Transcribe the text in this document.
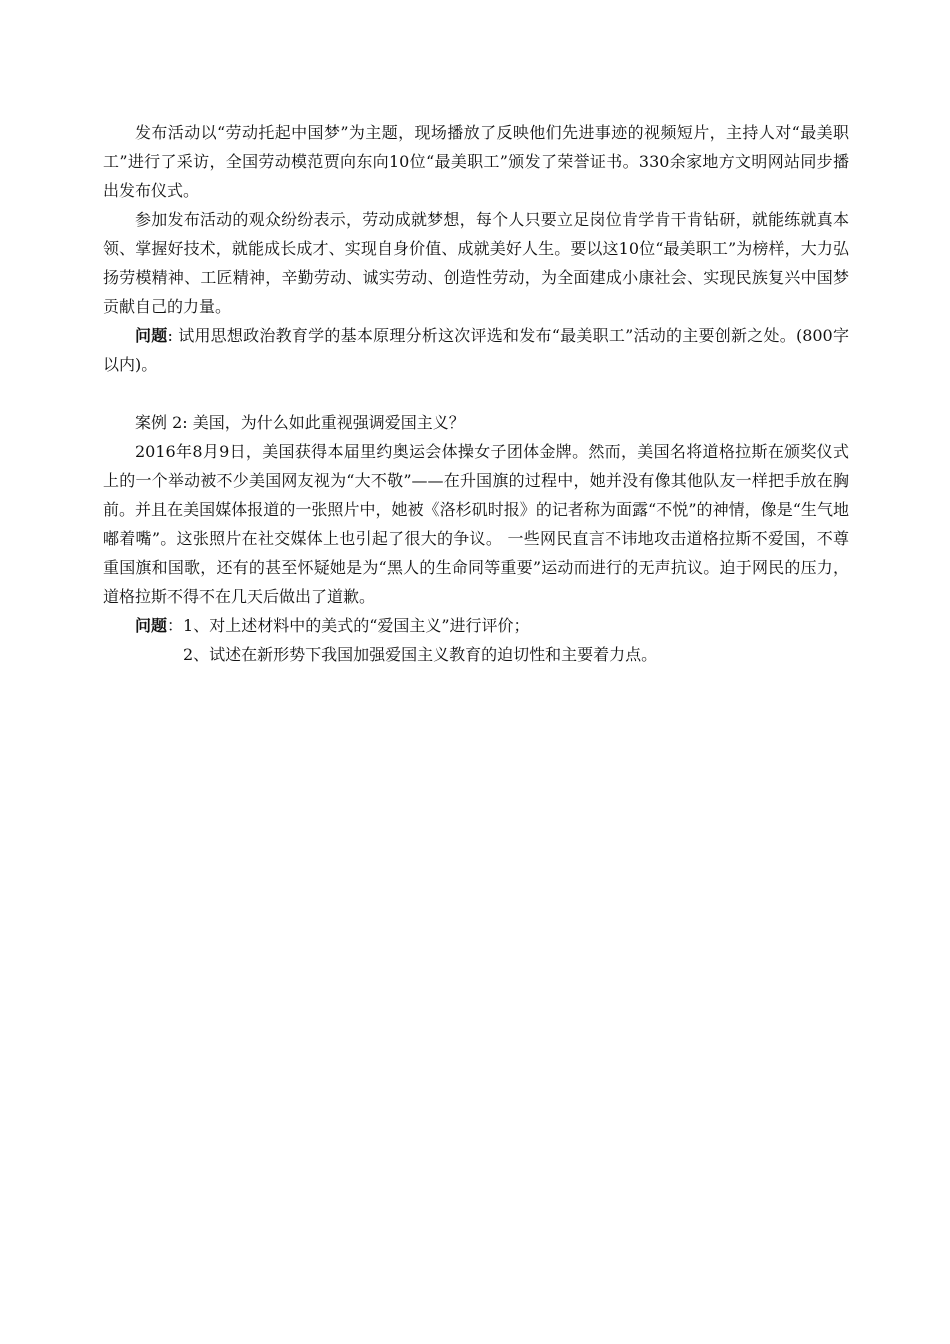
发布活动以“劳动托起中国梦”为主题，现场播放了反映他们先进事迹的视频短片，主持人对“最美职工”进行了采访，全国劳动模范贾向东向10位“最美职工”颁发了荣誉证书。330余家地方文明网站同步播出发布仪式。

参加发布活动的观众纷纷表示，劳动成就梦想，每个人只要立足岗位肯学肯干肯钻研，就能练就真本领、掌握好技术，就能成长成才、实现自身价值、成就美好人生。要以这10位“最美职工”为榜样，大力弘扬劳模精神、工匠精神，辛勤劳动、诚实劳动、创造性劳动，为全面建成小康社会、实现民族复兴中国梦贡献自己的力量。

问题: 试用思想政治教育学的基本原理分析这次评选和发布“最美职工”活动的主要创新之处。(800字以内)。

案例 2: 美国，为什么如此重视强调爱国主义？

2016年8月9日，美国获得本届里约奥运会体操女子团体金牌。然而，美国名将道格拉斯在颁奖仪式上的一个举动被不少美国网友视为“大不敬”——在升国旗的过程中，她并没有像其他队友一样把手放在胸前。并且在美国媒体报道的一张照片中，她被《洛杉矶时报》的记者称为面露“不悦”的神情，像是“生气地嘟着嘴”。这张照片在社交媒体上也引起了很大的争议。 一些网民直言不讳地攻击道格拉斯不爱国，不尊重国旗和国歌，还有的甚至怀疑她是为“黑人的生命同等重要”运动而进行的无声抗议。迫于网民的压力，道格拉斯不得不在几天后做出了道歉。

问题：1、对上述材料中的美式的“爱国主义”进行评价；

2、试述在新形势下我国加强爱国主义教育的迫切性和主要着力点。
